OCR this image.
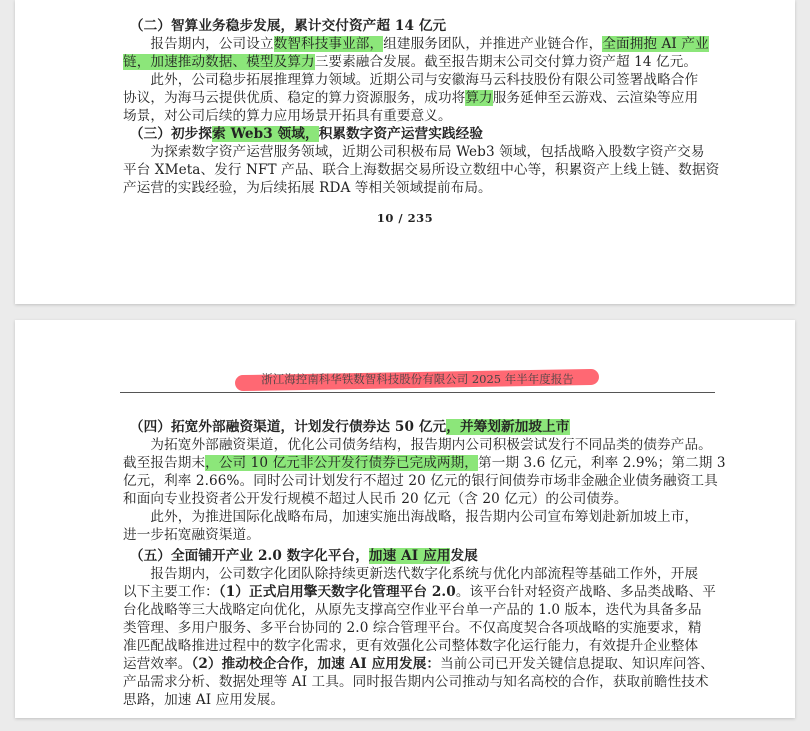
　（二）智算业务稳步发展，累计交付资产超 14 亿元
　　报告期内，公司设立数智科技事业部，组建服务团队，并推进产业链合作，全面拥抱 AI 产业
链，加速推动数据、模型及算力三要素融合发展。截至报告期末公司交付算力资产超 14 亿元。
　　此外，公司稳步拓展推理算力领域。近期公司与安徽海马云科技股份有限公司签署战略合作
协议，为海马云提供优质、稳定的算力资源服务，成功将算力服务延伸至云游戏、云渲染等应用
场景，对公司后续的算力应用场景开拓具有重要意义。
　（三）初步探索 Web3 领域，积累数字资产运营实践经验
　　为探索数字资产运营服务领域，近期公司积极布局 Web3 领域，包括战略入股数字资产交易
平台 XMeta、发行 NFT 产品、联合上海数据交易所设立数纽中心等，积累资产上线上链、数据资
产运营的实践经验，为后续拓展 RDA 等相关领域提前布局。
10 / 235
浙江海控南科华铁数智科技股份有限公司 2025 年半年度报告
　（四）拓宽外部融资渠道，计划发行债券达 50 亿元，并筹划新加坡上市
　　为拓宽外部融资渠道，优化公司债务结构，报告期内公司积极尝试发行不同品类的债券产品。
截至报告期末，公司 10 亿元非公开发行债券已完成两期，第一期 3.6 亿元，利率 2.9%；第二期 3
亿元，利率 2.66%。同时公司计划发行不超过 20 亿元的银行间债券市场非金融企业债务融资工具
和面向专业投资者公开发行规模不超过人民币 20 亿元（含 20 亿元）的公司债券。
　　此外，为推进国际化战略布局，加速实施出海战略，报告期内公司宣布筹划赴新加坡上市，
进一步拓宽融资渠道。
　（五）全面铺开产业 2.0 数字化平台，加速 AI 应用发展
　　报告期内，公司数字化团队除持续更新迭代数字化系统与优化内部流程等基础工作外，开展
以下主要工作：（1）正式启用擎天数字化管理平台 2.0。该平台针对轻资产战略、多品类战略、平
台化战略等三大战略定向优化，从原先支撑高空作业平台单一产品的 1.0 版本，迭代为具备多品
类管理、多用户服务、多平台协同的 2.0 综合管理平台。不仅高度契合各项战略的实施要求，精
准匹配战略推进过程中的数字化需求，更有效强化公司整体数字化运行能力，有效提升企业整体
运营效率。（2）推动校企合作，加速 AI 应用发展：当前公司已开发关键信息提取、知识库问答、
产品需求分析、数据处理等 AI 工具。同时报告期内公司推动与知名高校的合作，获取前瞻性技术
思路，加速 AI 应用发展。
